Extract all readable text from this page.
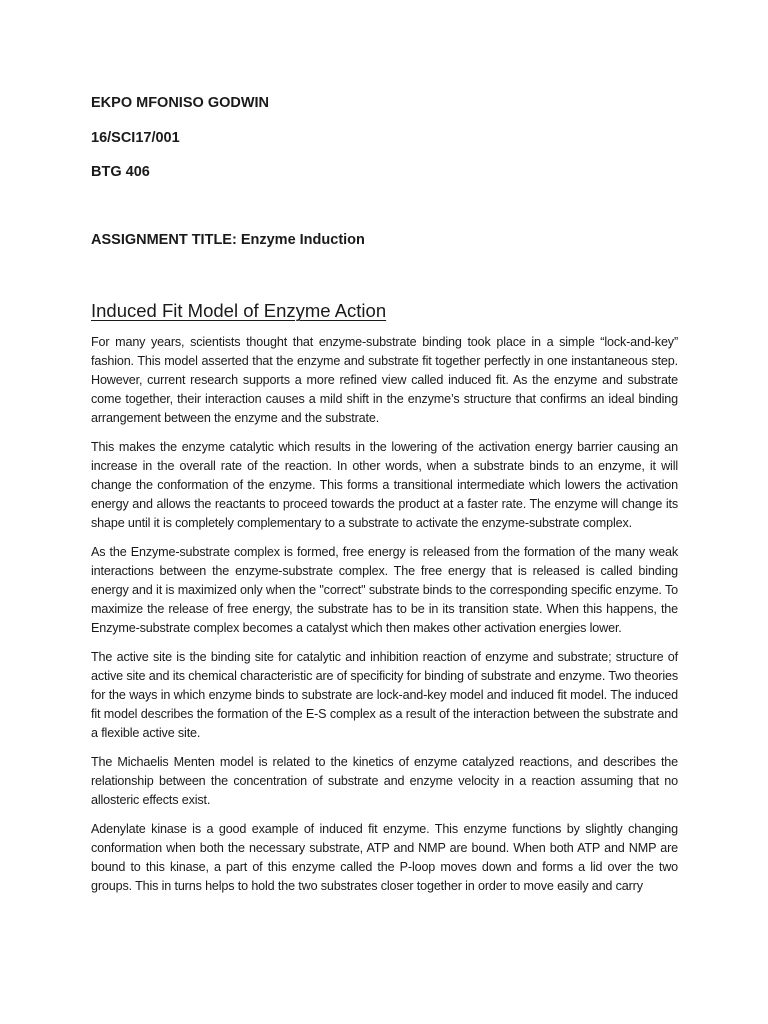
EKPO MFONISO GODWIN

16/SCI17/001

BTG 406

ASSIGNMENT TITLE: Enzyme Induction

Induced Fit Model of Enzyme Action

For many years, scientists thought that enzyme-substrate binding took place in a simple “lock-and-key” fashion. This model asserted that the enzyme and substrate fit together perfectly in one instantaneous step. However, current research supports a more refined view called induced fit. As the enzyme and substrate come together, their interaction causes a mild shift in the enzyme’s structure that confirms an ideal binding arrangement between the enzyme and the substrate.

This makes the enzyme catalytic which results in the lowering of the activation energy barrier causing an increase in the overall rate of the reaction. In other words, when a substrate binds to an enzyme, it will change the conformation of the enzyme. This forms a transitional intermediate which lowers the activation energy and allows the reactants to proceed towards the product at a faster rate. The enzyme will change its shape until it is completely complementary to a substrate to activate the enzyme-substrate complex.

As the Enzyme-substrate complex is formed, free energy is released from the formation of the many weak interactions between the enzyme-substrate complex. The free energy that is released is called binding energy and it is maximized only when the "correct" substrate binds to the corresponding specific enzyme. To maximize the release of free energy, the substrate has to be in its transition state. When this happens, the Enzyme-substrate complex becomes a catalyst which then makes other activation energies lower.

The active site is the binding site for catalytic and inhibition reaction of enzyme and substrate; structure of active site and its chemical characteristic are of specificity for binding of substrate and enzyme. Two theories for the ways in which enzyme binds to substrate are lock-and-key model and induced fit model. The induced fit model describes the formation of the E-S complex as a result of the interaction between the substrate and a flexible active site.

The Michaelis Menten model is related to the kinetics of enzyme catalyzed reactions, and describes the relationship between the concentration of substrate and enzyme velocity in a reaction assuming that no allosteric effects exist.

Adenylate kinase is a good example of induced fit enzyme. This enzyme functions by slightly changing conformation when both the necessary substrate, ATP and NMP are bound. When both ATP and NMP are bound to this kinase, a part of this enzyme called the P-loop moves down and forms a lid over the two groups. This in turns helps to hold the two substrates closer together in order to move easily and carry
